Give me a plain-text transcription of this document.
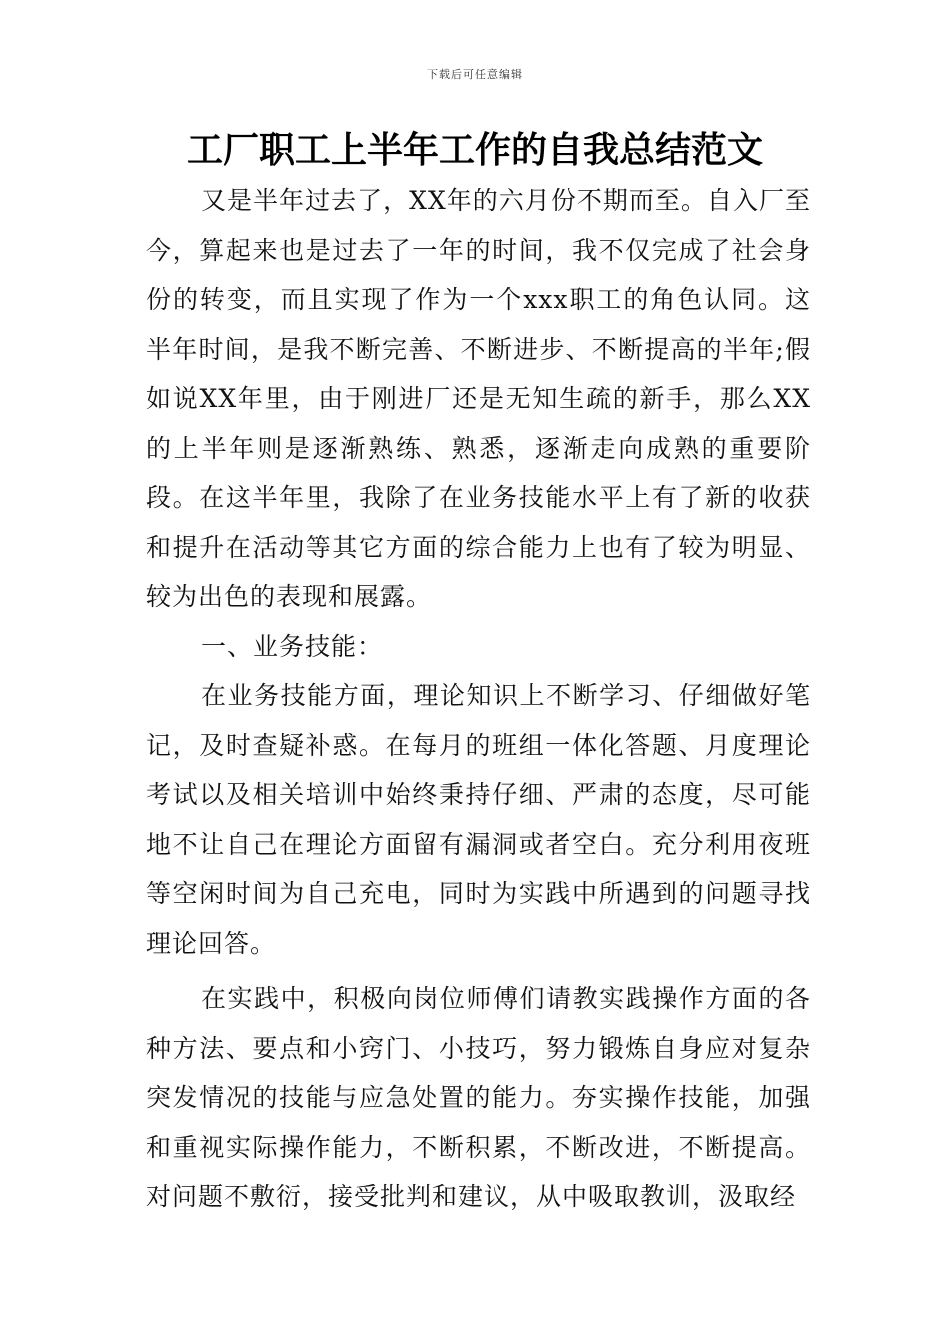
下载后可任意编辑
工厂职工上半年工作的自我总结范文

又是半年过去了，XX年的六月份不期而至。自入厂至今，算起来也是过去了一年的时间，我不仅完成了社会身份的转变，而且实现了作为一个xxx职工的角色认同。这半年时间，是我不断完善、不断进步、不断提高的半年;假如说XX年里，由于刚进厂还是无知生疏的新手，那么XX的上半年则是逐渐熟练、熟悉，逐渐走向成熟的重要阶段。在这半年里，我除了在业务技能水平上有了新的收获和提升在活动等其它方面的综合能力上也有了较为明显、较为出色的表现和展露。

一、业务技能：

在业务技能方面，理论知识上不断学习、仔细做好笔记，及时查疑补惑。在每月的班组一体化答题、月度理论考试以及相关培训中始终秉持仔细、严肃的态度，尽可能地不让自己在理论方面留有漏洞或者空白。充分利用夜班等空闲时间为自己充电，同时为实践中所遇到的问题寻找理论回答。

在实践中，积极向岗位师傅们请教实践操作方面的各种方法、要点和小窍门、小技巧，努力锻炼自身应对复杂突发情况的技能与应急处置的能力。夯实操作技能，加强和重视实际操作能力，不断积累，不断改进，不断提高。对问题不敷衍，接受批判和建议，从中吸取教训，汲取经
